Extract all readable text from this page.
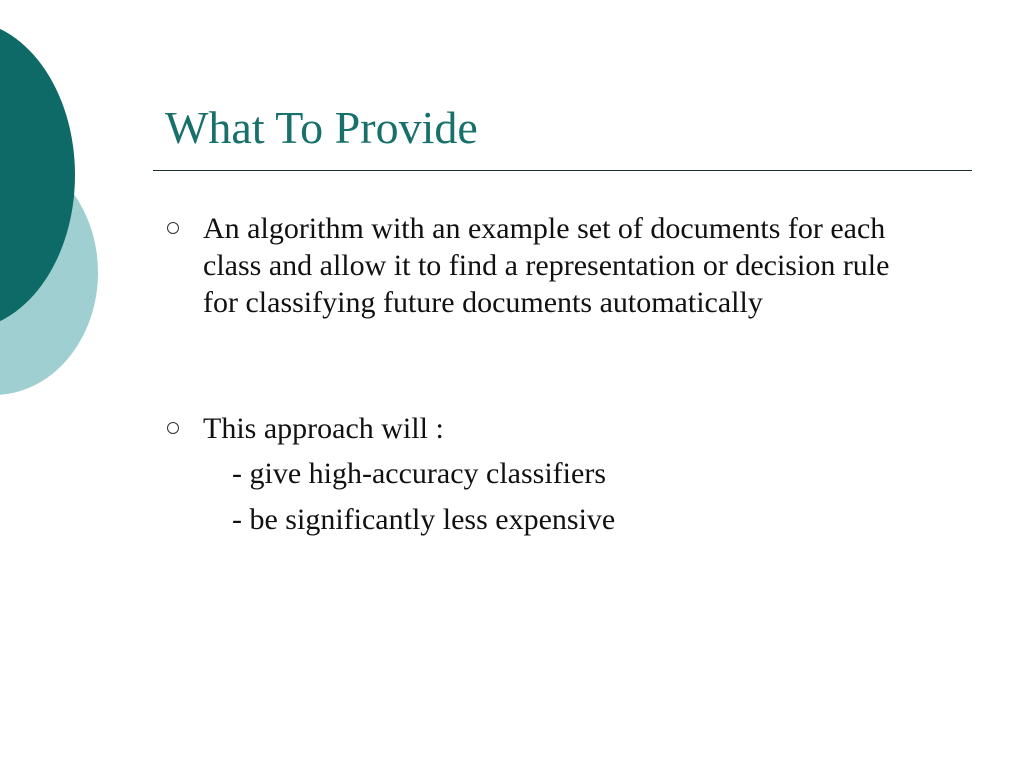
What To Provide
An algorithm with an example set of documents for each class and allow it to find a representation or decision rule for classifying future documents automatically
This approach will :
- give high-accuracy classifiers
- be significantly less expensive
